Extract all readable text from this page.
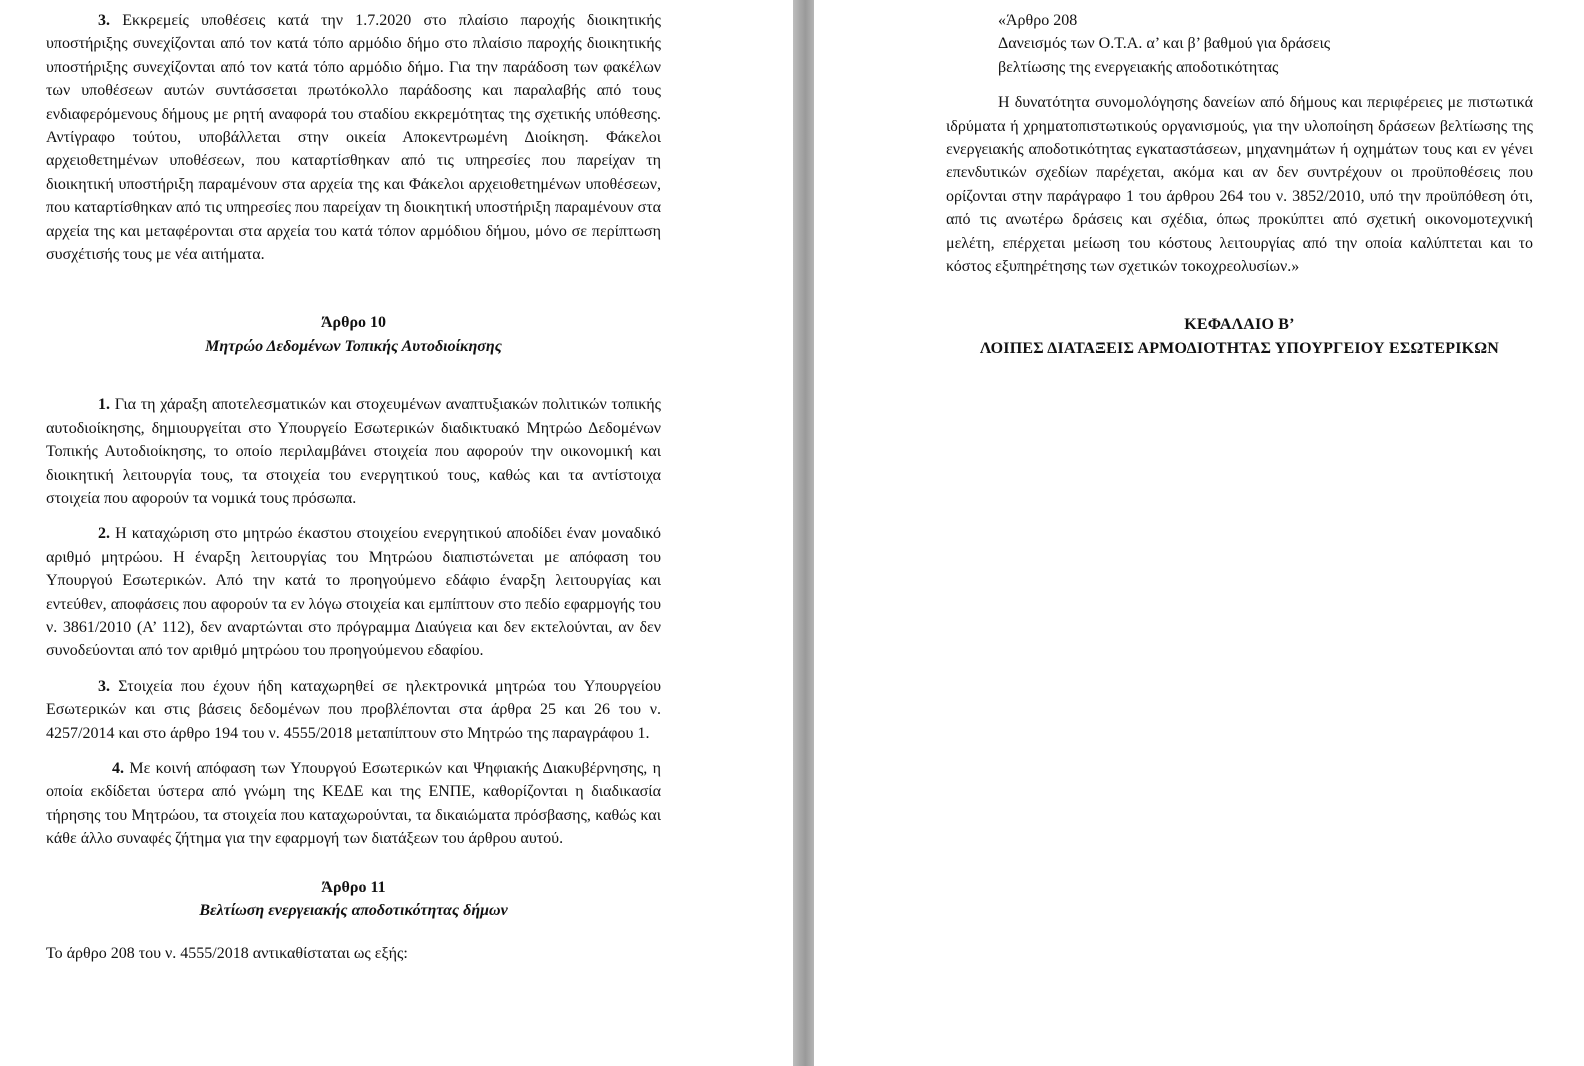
3. Εκκρεμείς υποθέσεις κατά την 1.7.2020 στο πλαίσιο παροχής διοικητικής υποστήριξης συνεχίζονται από τον κατά τόπο αρμόδιο δήμο στο πλαίσιο παροχής διοικητικής υποστήριξης συνεχίζονται από τον κατά τόπο αρμόδιο δήμο. Για την παράδοση των φακέλων των υποθέσεων αυτών συντάσσεται πρωτόκολλο παράδοσης και παραλαβής από τους ενδιαφερόμενους δήμους με ρητή αναφορά του σταδίου εκκρεμότητας της σχετικής υπόθεσης. Αντίγραφο τούτου, υποβάλλεται στην οικεία Αποκεντρωμένη Διοίκηση. Φάκελοι αρχειοθετημένων υποθέσεων, που καταρτίσθηκαν από τις υπηρεσίες που παρείχαν τη διοικητική υποστήριξη παραμένουν στα αρχεία της και Φάκελοι αρχειοθετημένων υποθέσεων, που καταρτίσθηκαν από τις υπηρεσίες που παρείχαν τη διοικητική υποστήριξη παραμένουν στα αρχεία της και μεταφέρονται στα αρχεία του κατά τόπον αρμόδιου δήμου, μόνο σε περίπτωση συσχέτισής τους με νέα αιτήματα.

Άρθρο 10

Μητρώο Δεδομένων Τοπικής Αυτοδιοίκησης

1. Για τη χάραξη αποτελεσματικών και στοχευμένων αναπτυξιακών πολιτικών τοπικής αυτοδιοίκησης, δημιουργείται στο Υπουργείο Εσωτερικών διαδικτυακό Μητρώο Δεδομένων Τοπικής Αυτοδιοίκησης, το οποίο περιλαμβάνει στοιχεία που αφορούν την οικονομική και διοικητική λειτουργία τους, τα στοιχεία του ενεργητικού τους, καθώς και τα αντίστοιχα στοιχεία που αφορούν τα νομικά τους πρόσωπα.

2. Η καταχώριση στο μητρώο έκαστου στοιχείου ενεργητικού αποδίδει έναν μοναδικό αριθμό μητρώου. Η έναρξη λειτουργίας του Μητρώου διαπιστώνεται με απόφαση του Υπουργού Εσωτερικών. Από την κατά το προηγούμενο εδάφιο έναρξη λειτουργίας και εντεύθεν, αποφάσεις που αφορούν τα εν λόγω στοιχεία και εμπίπτουν στο πεδίο εφαρμογής του ν. 3861/2010 (Α’ 112), δεν αναρτώνται στο πρόγραμμα Διαύγεια και δεν εκτελούνται, αν δεν συνοδεύονται από τον αριθμό μητρώου του προηγούμενου εδαφίου.

3. Στοιχεία που έχουν ήδη καταχωρηθεί σε ηλεκτρονικά μητρώα του Υπουργείου Εσωτερικών και στις βάσεις δεδομένων που προβλέπονται στα άρθρα 25 και 26 του ν. 4257/2014 και στο άρθρο 194 του ν. 4555/2018 μεταπίπτουν στο Μητρώο της παραγράφου 1.

4. Με κοινή απόφαση των Υπουργού Εσωτερικών και Ψηφιακής Διακυβέρνησης, η οποία εκδίδεται ύστερα από γνώμη της ΚΕΔΕ και της ΕΝΠΕ, καθορίζονται η διαδικασία τήρησης του Μητρώου, τα στοιχεία που καταχωρούνται, τα δικαιώματα πρόσβασης, καθώς και κάθε άλλο συναφές ζήτημα για την εφαρμογή των διατάξεων του άρθρου αυτού.

Άρθρο 11

Βελτίωση ενεργειακής αποδοτικότητας δήμων

Το άρθρο 208 του ν. 4555/2018 αντικαθίσταται ως εξής:

«Άρθρο 208

Δανεισμός των Ο.Τ.Α. α’ και β’ βαθμού για δράσεις

βελτίωσης της ενεργειακής αποδοτικότητας

Η δυνατότητα συνομολόγησης δανείων από δήμους και περιφέρειες με πιστωτικά ιδρύματα ή χρηματοπιστωτικούς οργανισμούς, για την υλοποίηση δράσεων βελτίωσης της ενεργειακής αποδοτικότητας εγκαταστάσεων, μηχανημάτων ή οχημάτων τους και εν γένει επενδυτικών σχεδίων παρέχεται, ακόμα και αν δεν συντρέχουν οι προϋποθέσεις που ορίζονται στην παράγραφο 1 του άρθρου 264 του ν. 3852/2010, υπό την προϋπόθεση ότι, από τις ανωτέρω δράσεις και σχέδια, όπως προκύπτει από σχετική οικονομοτεχνική μελέτη, επέρχεται μείωση του κόστους λειτουργίας από την οποία καλύπτεται και το κόστος εξυπηρέτησης των σχετικών τοκοχρεολυσίων.»

ΚΕΦΑΛΑΙΟ Β’

ΛΟΙΠΕΣ ΔΙΑΤΑΞΕΙΣ ΑΡΜΟΔΙΟΤΗΤΑΣ ΥΠΟΥΡΓΕΙΟΥ ΕΣΩΤΕΡΙΚΩΝ
